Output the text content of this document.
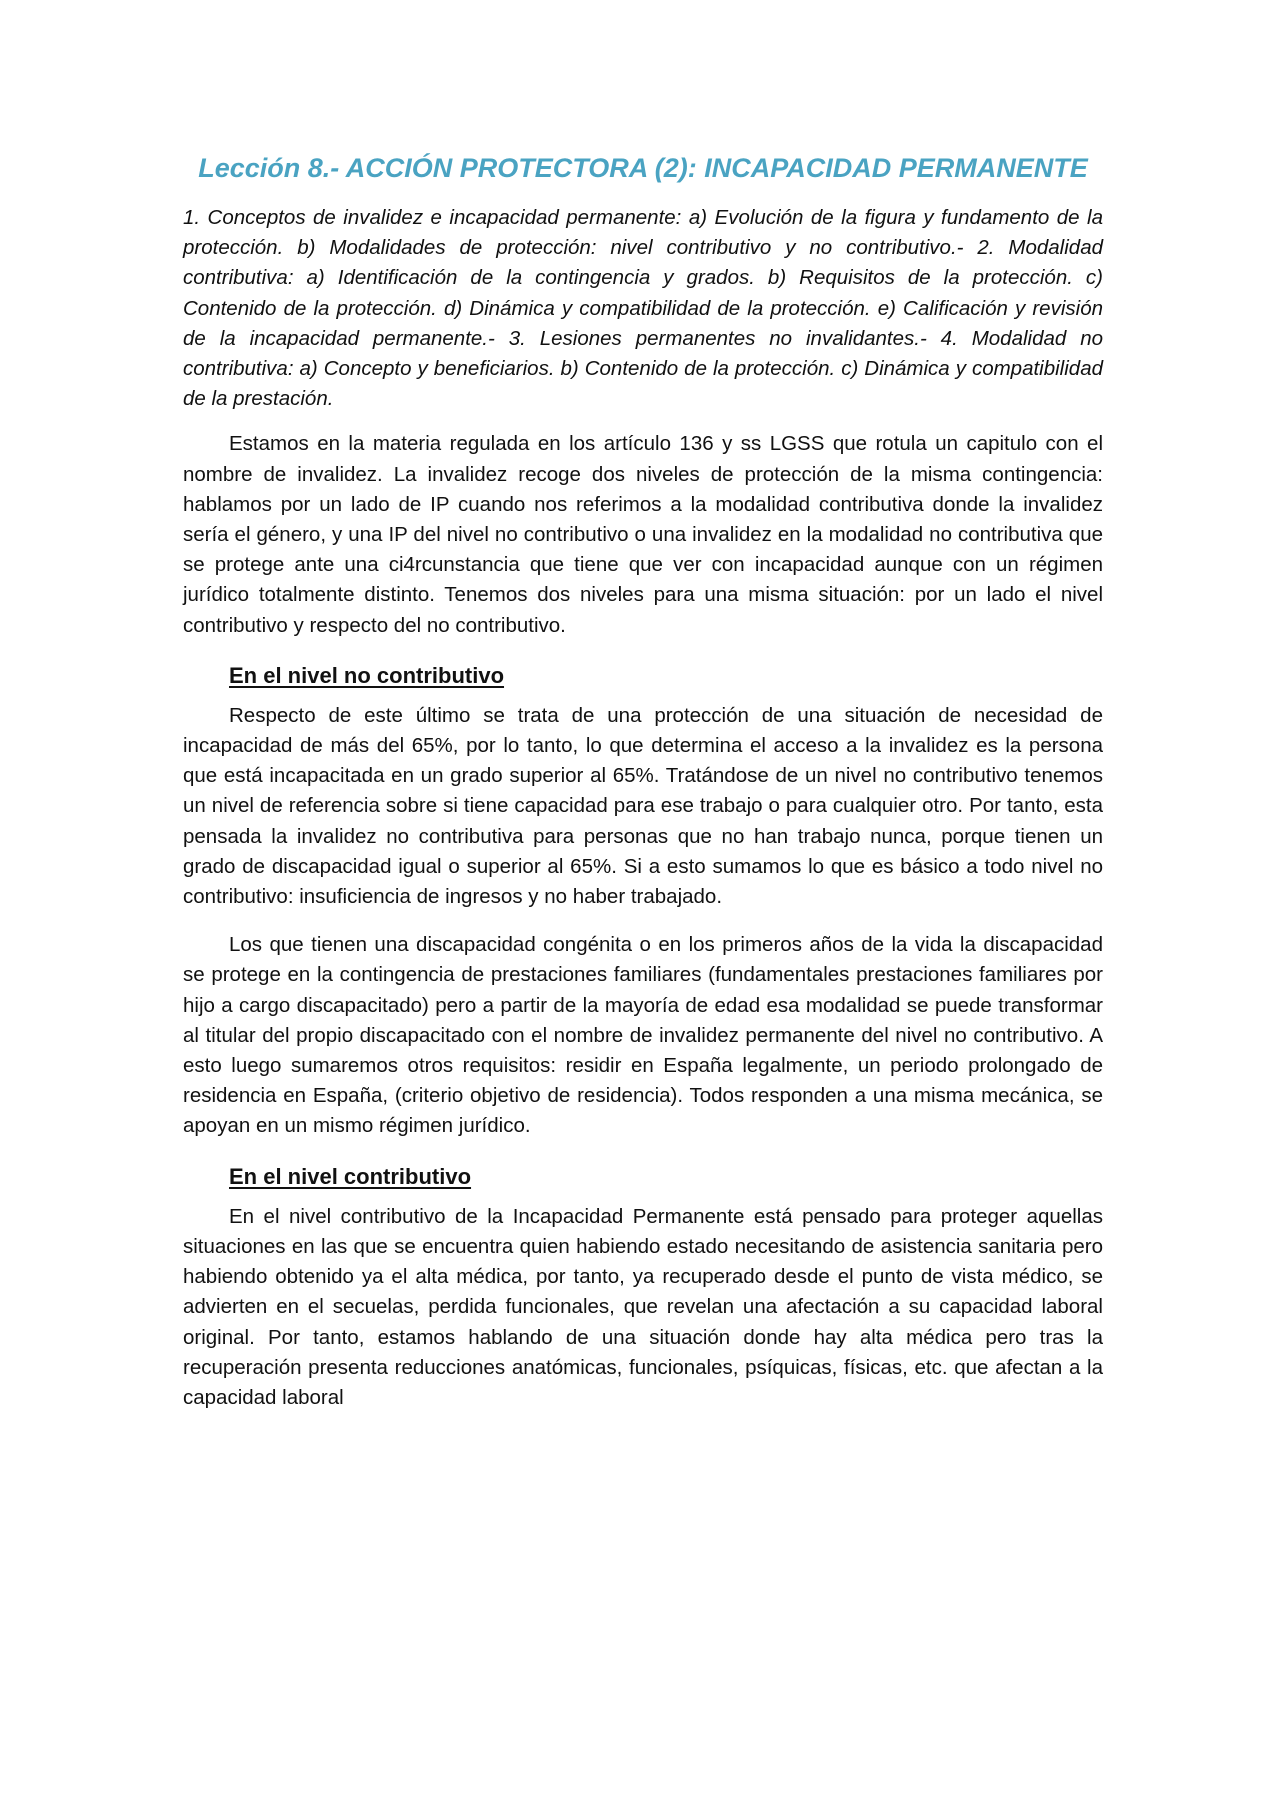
Lección 8.- ACCIÓN PROTECTORA (2): INCAPACIDAD PERMANENTE

1. Conceptos de invalidez e incapacidad permanente: a) Evolución de la figura y fundamento de la protección. b) Modalidades de protección: nivel contributivo y no contributivo.- 2. Modalidad contributiva: a) Identificación de la contingencia y grados. b) Requisitos de la protección. c) Contenido de la protección. d) Dinámica y compatibilidad de la protección. e) Calificación y revisión de la incapacidad permanente.- 3. Lesiones permanentes no invalidantes.- 4. Modalidad no contributiva: a) Concepto y beneficiarios. b) Contenido de la protección. c) Dinámica y compatibilidad de la prestación.

Estamos en la materia regulada en los artículo 136 y ss LGSS que rotula un capitulo con el nombre de invalidez. La invalidez recoge dos niveles de protección de la misma contingencia: hablamos por un lado de IP cuando nos referimos a la modalidad contributiva donde la invalidez sería el género, y una IP del nivel no contributivo o una invalidez en la modalidad no contributiva que se protege ante una ci4rcunstancia que tiene que ver con incapacidad aunque con un régimen jurídico totalmente distinto. Tenemos dos niveles para una misma situación: por un lado el nivel contributivo y respecto del no contributivo.

En el nivel no contributivo

Respecto de este último se trata de una protección de una situación de necesidad de incapacidad de más del 65%, por lo tanto, lo que determina el acceso a la invalidez es la persona que está incapacitada en un grado superior al 65%. Tratándose de un nivel no contributivo tenemos un nivel de referencia sobre si tiene capacidad para ese trabajo o para cualquier otro. Por tanto, esta pensada la invalidez no contributiva para personas que no han trabajo nunca, porque tienen un grado de discapacidad igual o superior al 65%. Si a esto sumamos lo que es básico a todo nivel no contributivo: insuficiencia de ingresos y no haber trabajado.

Los que tienen una discapacidad congénita o en los primeros años de la vida la discapacidad se protege en la contingencia de prestaciones familiares (fundamentales prestaciones familiares por hijo a cargo discapacitado) pero a partir de la mayoría de edad esa modalidad se puede transformar al titular del propio discapacitado con el nombre de invalidez permanente del nivel no contributivo. A esto luego sumaremos otros requisitos: residir en España legalmente, un periodo prolongado de residencia en España, (criterio objetivo de residencia). Todos responden a una misma mecánica, se apoyan en un mismo régimen jurídico.

En el nivel contributivo

En el nivel contributivo de la Incapacidad Permanente está pensado para proteger aquellas situaciones en las que se encuentra quien habiendo estado necesitando de asistencia sanitaria pero habiendo obtenido ya el alta médica, por tanto, ya recuperado desde el punto de vista médico, se advierten en el secuelas, perdida funcionales, que revelan una afectación a su capacidad laboral original. Por tanto, estamos hablando de una situación donde hay alta médica pero tras la recuperación presenta reducciones anatómicas, funcionales, psíquicas, físicas, etc. que afectan a la capacidad laboral
